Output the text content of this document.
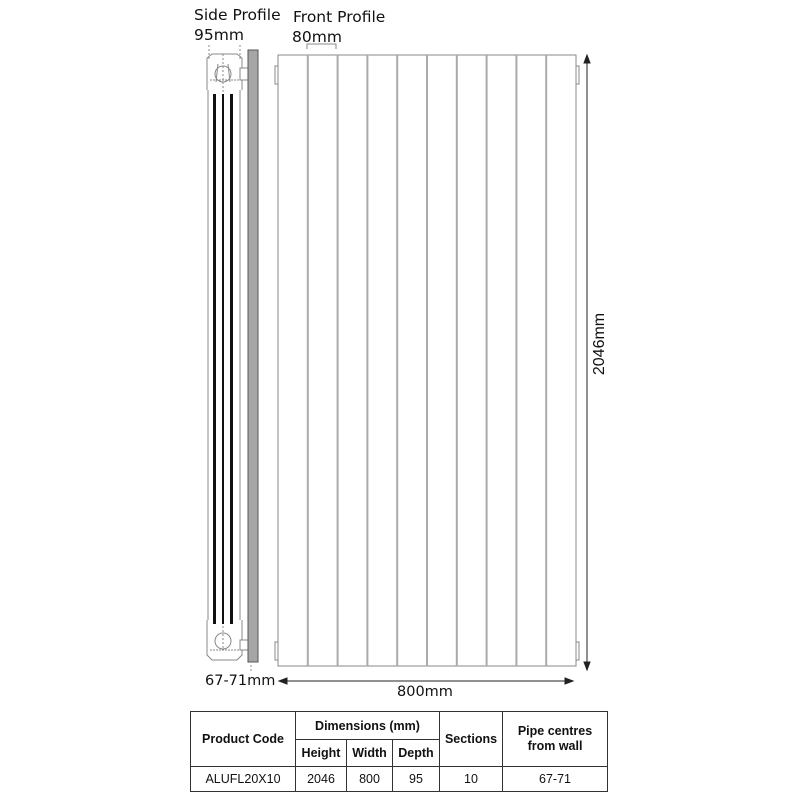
Side Profile
95mm
Front Profile
80mm
2046mm
800mm
67-71mm
Product Code	Dimensions (mm)			Sections	Pipe centres from wall
	Height	Width	Depth		
ALUFL20X10	2046	800	95	10	67-71
